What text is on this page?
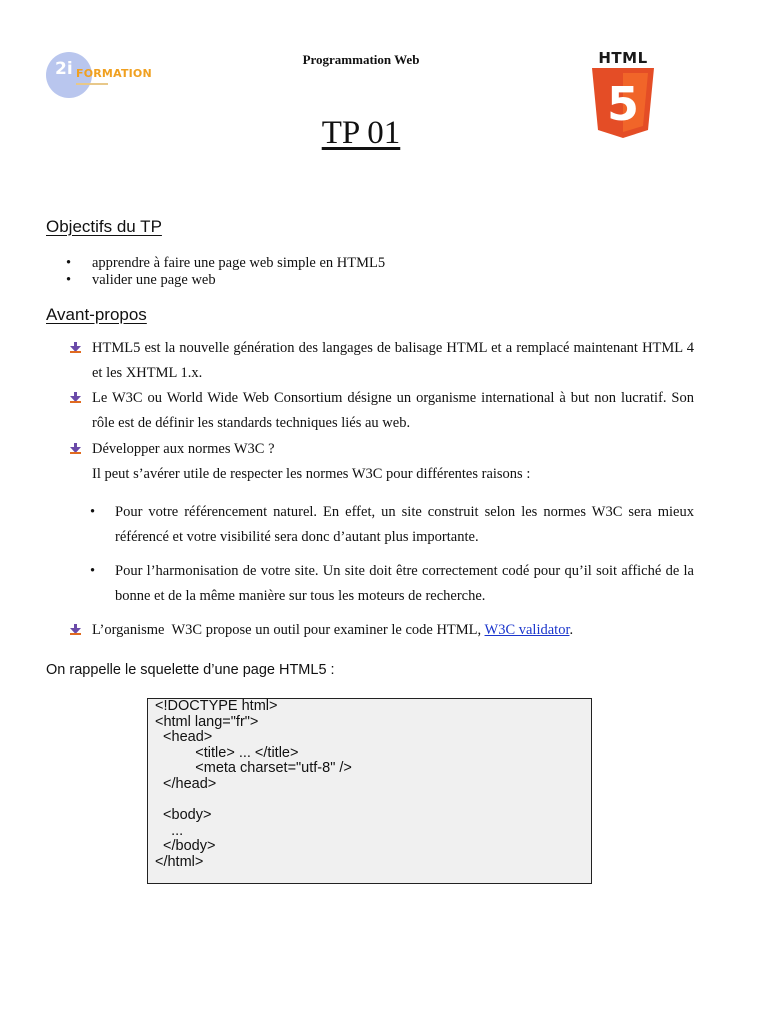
2i FORMATION
Programmation Web	HTML
5
TP 01
Objectifs du TP
• apprendre à faire une page web simple en HTML5
• valider une page web
Avant-propos
HTML5 est la nouvelle génération des langages de balisage HTML et a remplacé maintenant HTML 4 et les XHTML 1.x.
Le W3C ou World Wide Web Consortium désigne un organisme international à but non lucratif. Son rôle est de définir les standards techniques liés au web.
Développer aux normes W3C ?
Il peut s’avérer utile de respecter les normes W3C pour différentes raisons :
• Pour votre référencement naturel. En effet, un site construit selon les normes W3C sera mieux référencé et votre visibilité sera donc d’autant plus importante.
• Pour l’harmonisation de votre site. Un site doit être correctement codé pour qu’il soit affiché de la bonne et de la même manière sur tous les moteurs de recherche.
L’organisme  W3C propose un outil pour examiner le code HTML, W3C validator.
On rappelle le squelette d’une page HTML5 :
<!DOCTYPE html>
<html lang="fr">
<head>
<title> ... </title>
<meta charset="utf-8" />
</head>

<body>
...
</body>
</html>
